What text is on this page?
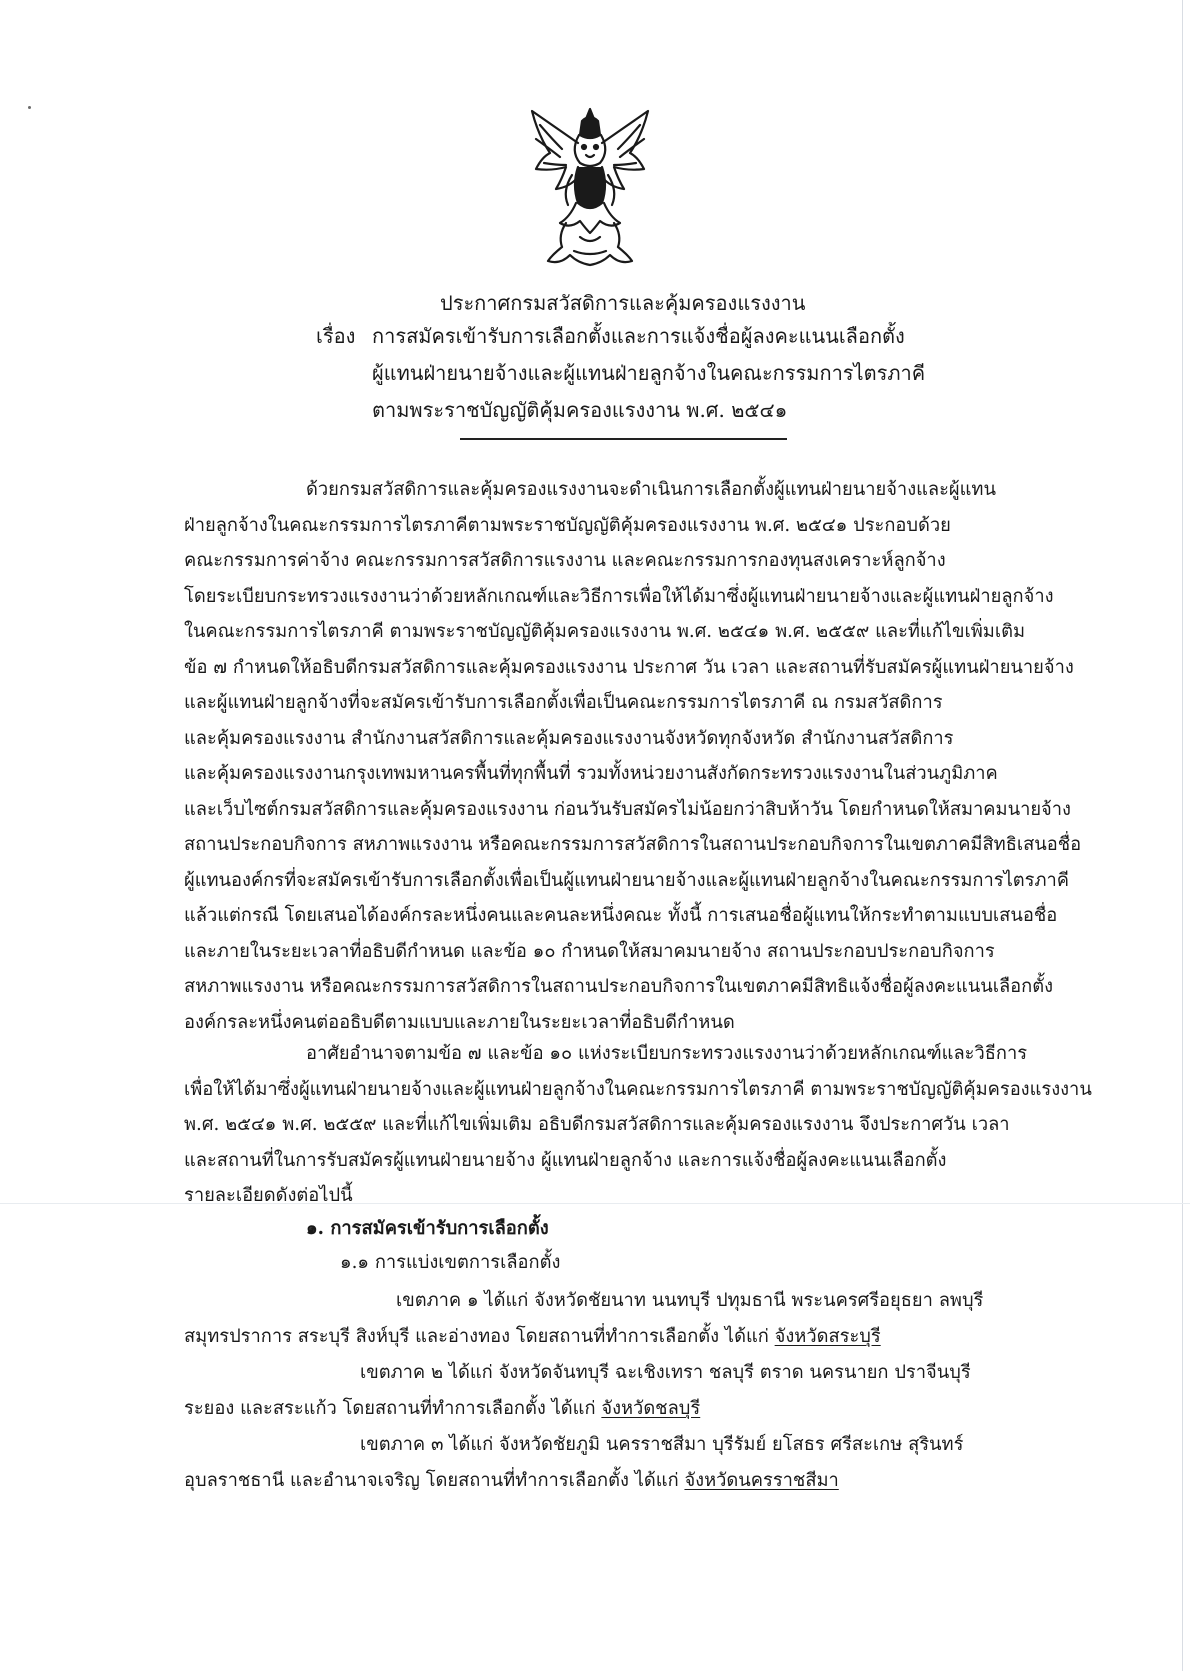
ประกาศกรมสวัสดิการและคุ้มครองแรงงาน
เรื่อง การสมัครเข้ารับการเลือกตั้งและการแจ้งชื่อผู้ลงคะแนนเลือกตั้ง
ผู้แทนฝ่ายนายจ้างและผู้แทนฝ่ายลูกจ้างในคณะกรรมการไตรภาคี
ตามพระราชบัญญัติคุ้มครองแรงงาน พ.ศ. ๒๕๔๑
ด้วยกรมสวัสดิการและคุ้มครองแรงงานจะดำเนินการเลือกตั้งผู้แทนฝ่ายนายจ้างและผู้แทน
ฝ่ายลูกจ้างในคณะกรรมการไตรภาคีตามพระราชบัญญัติคุ้มครองแรงงาน พ.ศ. ๒๕๔๑ ประกอบด้วย
คณะกรรมการค่าจ้าง คณะกรรมการสวัสดิการแรงงาน และคณะกรรมการกองทุนสงเคราะห์ลูกจ้าง
โดยระเบียบกระทรวงแรงงานว่าด้วยหลักเกณฑ์และวิธีการเพื่อให้ได้มาซึ่งผู้แทนฝ่ายนายจ้างและผู้แทนฝ่ายลูกจ้าง
ในคณะกรรมการไตรภาคี ตามพระราชบัญญัติคุ้มครองแรงงาน พ.ศ. ๒๕๔๑ พ.ศ. ๒๕๕๙ และที่แก้ไขเพิ่มเติม
ข้อ ๗ กำหนดให้อธิบดีกรมสวัสดิการและคุ้มครองแรงงาน ประกาศ วัน เวลา และสถานที่รับสมัครผู้แทนฝ่ายนายจ้าง
และผู้แทนฝ่ายลูกจ้างที่จะสมัครเข้ารับการเลือกตั้งเพื่อเป็นคณะกรรมการไตรภาคี ณ กรมสวัสดิการ
และคุ้มครองแรงงาน สำนักงานสวัสดิการและคุ้มครองแรงงานจังหวัดทุกจังหวัด สำนักงานสวัสดิการ
และคุ้มครองแรงงานกรุงเทพมหานครพื้นที่ทุกพื้นที่ รวมทั้งหน่วยงานสังกัดกระทรวงแรงงานในส่วนภูมิภาค
และเว็บไซต์กรมสวัสดิการและคุ้มครองแรงงาน ก่อนวันรับสมัครไม่น้อยกว่าสิบห้าวัน โดยกำหนดให้สมาคมนายจ้าง
สถานประกอบกิจการ สหภาพแรงงาน หรือคณะกรรมการสวัสดิการในสถานประกอบกิจการในเขตภาคมีสิทธิเสนอชื่อ
ผู้แทนองค์กรที่จะสมัครเข้ารับการเลือกตั้งเพื่อเป็นผู้แทนฝ่ายนายจ้างและผู้แทนฝ่ายลูกจ้างในคณะกรรมการไตรภาคี
แล้วแต่กรณี โดยเสนอได้องค์กรละหนึ่งคนและคนละหนึ่งคณะ ทั้งนี้ การเสนอชื่อผู้แทนให้กระทำตามแบบเสนอชื่อ
และภายในระยะเวลาที่อธิบดีกำหนด และข้อ ๑๐ กำหนดให้สมาคมนายจ้าง สถานประกอบประกอบกิจการ
สหภาพแรงงาน หรือคณะกรรมการสวัสดิการในสถานประกอบกิจการในเขตภาคมีสิทธิแจ้งชื่อผู้ลงคะแนนเลือกตั้ง
องค์กรละหนึ่งคนต่ออธิบดีตามแบบและภายในระยะเวลาที่อธิบดีกำหนด
อาศัยอำนาจตามข้อ ๗ และข้อ ๑๐ แห่งระเบียบกระทรวงแรงงานว่าด้วยหลักเกณฑ์และวิธีการ
เพื่อให้ได้มาซึ่งผู้แทนฝ่ายนายจ้างและผู้แทนฝ่ายลูกจ้างในคณะกรรมการไตรภาคี ตามพระราชบัญญัติคุ้มครองแรงงาน
พ.ศ. ๒๕๔๑ พ.ศ. ๒๕๕๙ และที่แก้ไขเพิ่มเติม อธิบดีกรมสวัสดิการและคุ้มครองแรงงาน จึงประกาศวัน เวลา
และสถานที่ในการรับสมัครผู้แทนฝ่ายนายจ้าง ผู้แทนฝ่ายลูกจ้าง และการแจ้งชื่อผู้ลงคะแนนเลือกตั้ง
รายละเอียดดังต่อไปนี้
๑. การสมัครเข้ารับการเลือกตั้ง
๑.๑ การแบ่งเขตการเลือกตั้ง
เขตภาค ๑ ได้แก่ จังหวัดชัยนาท นนทบุรี ปทุมธานี พระนครศรีอยุธยา ลพบุรี
สมุทรปราการ สระบุรี สิงห์บุรี และอ่างทอง โดยสถานที่ทำการเลือกตั้ง ได้แก่ จังหวัดสระบุรี
เขตภาค ๒ ได้แก่ จังหวัดจันทบุรี ฉะเชิงเทรา ชลบุรี ตราด นครนายก ปราจีนบุรี
ระยอง และสระแก้ว โดยสถานที่ทำการเลือกตั้ง ได้แก่ จังหวัดชลบุรี
เขตภาค ๓ ได้แก่ จังหวัดชัยภูมิ นครราชสีมา บุรีรัมย์ ยโสธร ศรีสะเกษ สุรินทร์
อุบลราชธานี และอำนาจเจริญ โดยสถานที่ทำการเลือกตั้ง ได้แก่ จังหวัดนครราชสีมา
